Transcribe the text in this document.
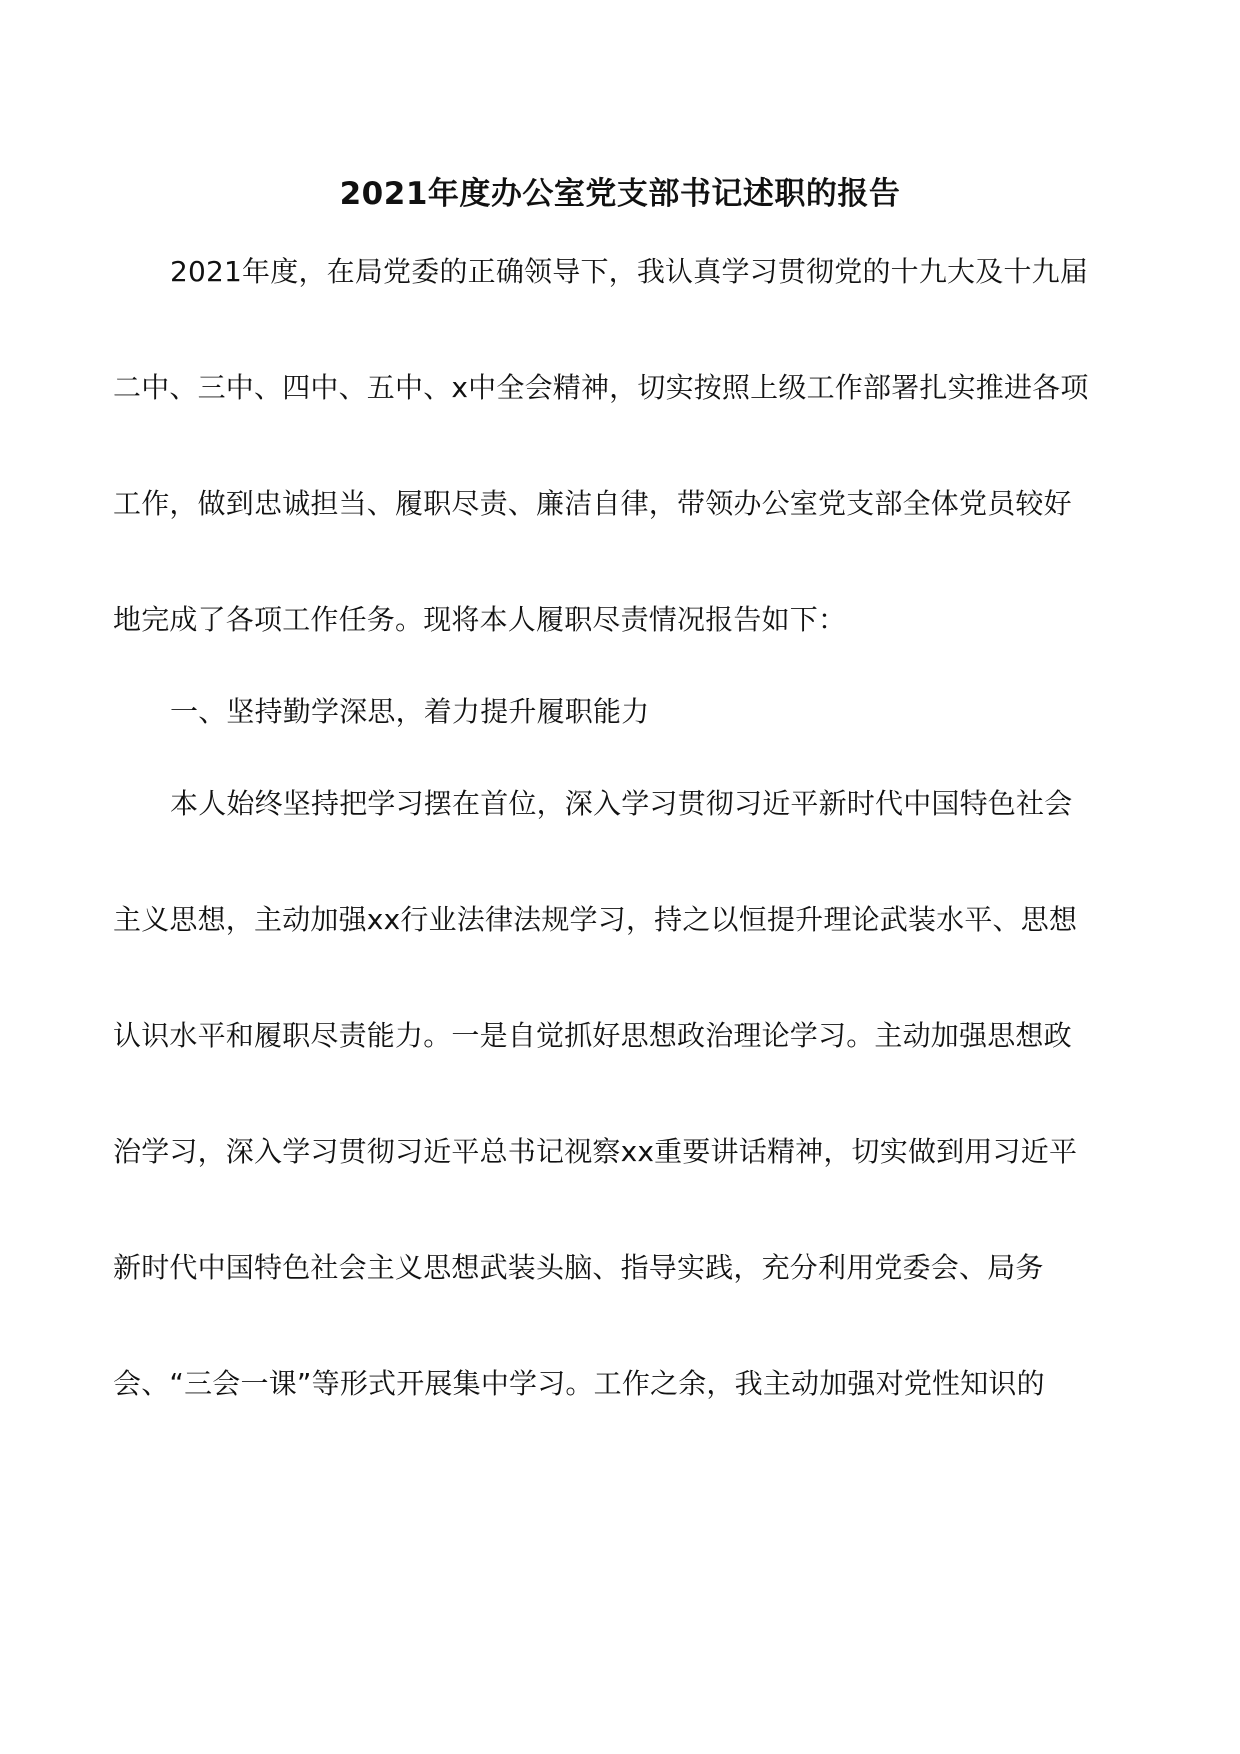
2021年度办公室党支部书记述职的报告
2021年度，在局党委的正确领导下，我认真学习贯彻党的十九大及十九届
二中、三中、四中、五中、x中全会精神，切实按照上级工作部署扎实推进各项
工作，做到忠诚担当、履职尽责、廉洁自律，带领办公室党支部全体党员较好
地完成了各项工作任务。现将本人履职尽责情况报告如下：
一、坚持勤学深思，着力提升履职能力
本人始终坚持把学习摆在首位，深入学习贯彻习近平新时代中国特色社会
主义思想，主动加强xx行业法律法规学习，持之以恒提升理论武装水平、思想
认识水平和履职尽责能力。一是自觉抓好思想政治理论学习。主动加强思想政
治学习，深入学习贯彻习近平总书记视察xx重要讲话精神，切实做到用习近平
新时代中国特色社会主义思想武装头脑、指导实践，充分利用党委会、局务
会、“三会一课”等形式开展集中学习。工作之余，我主动加强对党性知识的
